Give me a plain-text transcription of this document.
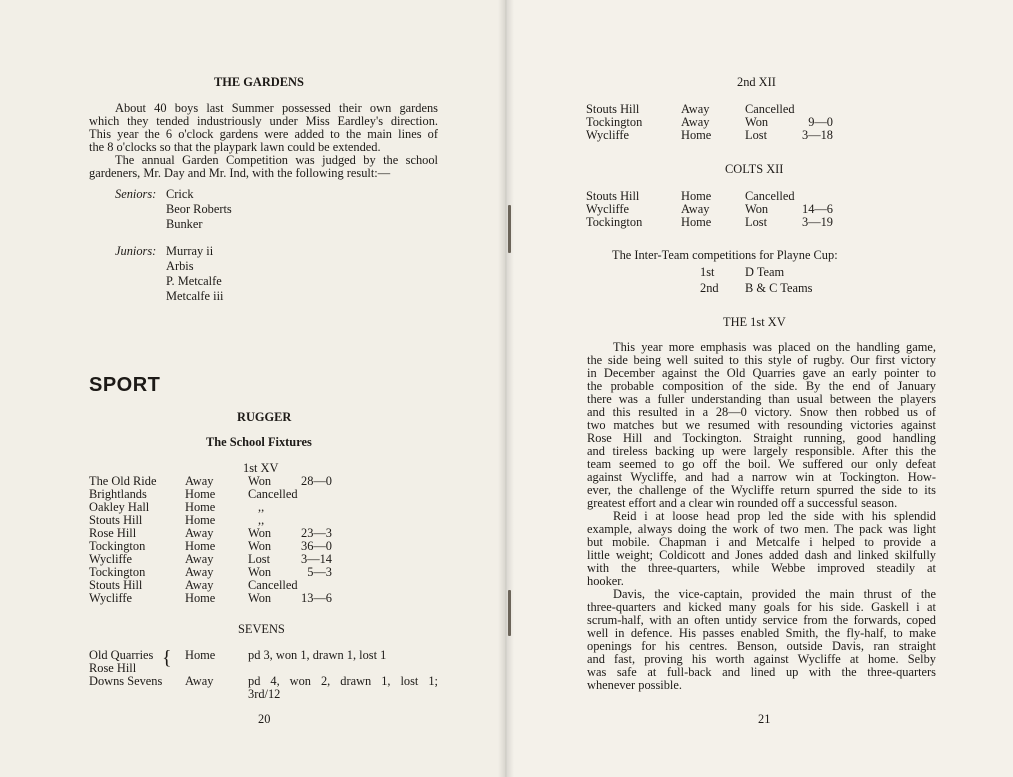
THE GARDENS

About 40 boys last Summer possessed their own gardens
which they tended industriously under Miss Eardley's direction.
This year the 6 o'clock gardens were added to the main lines of
the 8 o'clocks so that the playpark lawn could be extended.

The annual Garden Competition was judged by the school
gardeners, Mr. Day and Mr. Ind, with the following result:—

Seniors: Crick
Beor Roberts
Bunker
Juniors: Murray ii
Arbis
P. Metcalfe
Metcalfe iii
SPORT
RUGGER
The School Fixtures
1st XV
The Old Ride Away	Won	28—0
Brightlands	Home	Cancelled
Oakley Hall	Home	,,
Stouts Hill	Home	,,
Rose Hill	Away	Won	23—3
Tockington	Home	Won	36—0
Wycliffe	Away	Lost	3—14
Tockington	Away	Won	5—3
Stouts Hill	Away	Cancelled
Wycliffe	Home	Won	13—6
SEVENS
Old Quarries
Rose Hill { Home	pd 3, won 1, drawn 1, lost 1
Downs Sevens Away	pd 4, won 2, drawn 1, lost 1;
3rd/12
20
2nd XII
Stouts Hill	Away	Cancelled
Tockington	Away	Won	9—0
Wycliffe	Home	Lost	3—18
COLTS XII
Stouts Hill	Home	Cancelled
Wycliffe	Away	Won	14—6
Tockington	Home	Lost	3—19
The Inter-Team competitions for Playne Cup:
1st D Team
2nd B & C Teams
THE 1st XV

This year more emphasis was placed on the handling game,
the side being well suited to this style of rugby. Our first victory
in December against the Old Quarries gave an early pointer to
the probable composition of the side. By the end of January
there was a fuller understanding than usual between the players
and this resulted in a 28—0 victory. Snow then robbed us of
two matches but we resumed with resounding victories against
Rose Hill and Tockington. Straight running, good handling
and tireless backing up were largely responsible. After this the
team seemed to go off the boil. We suffered our only defeat
against Wycliffe, and had a narrow win at Tockington. How-
ever, the challenge of the Wycliffe return spurred the side to its
greatest effort and a clear win rounded off a successful season.

Reid i at loose head prop led the side with his splendid
example, always doing the work of two men. The pack was light
but mobile. Chapman i and Metcalfe i helped to provide a
little weight; Coldicott and Jones added dash and linked skilfully
with the three-quarters, while Webbe improved steadily at
hooker.

Davis, the vice-captain, provided the main thrust of the
three-quarters and kicked many goals for his side. Gaskell i at
scrum-half, with an often untidy service from the forwards, coped
well in defence. His passes enabled Smith, the fly-half, to make
openings for his centres. Benson, outside Davis, ran straight
and fast, proving his worth against Wycliffe at home. Selby
was safe at full-back and lined up with the three-quarters
whenever possible.

21
